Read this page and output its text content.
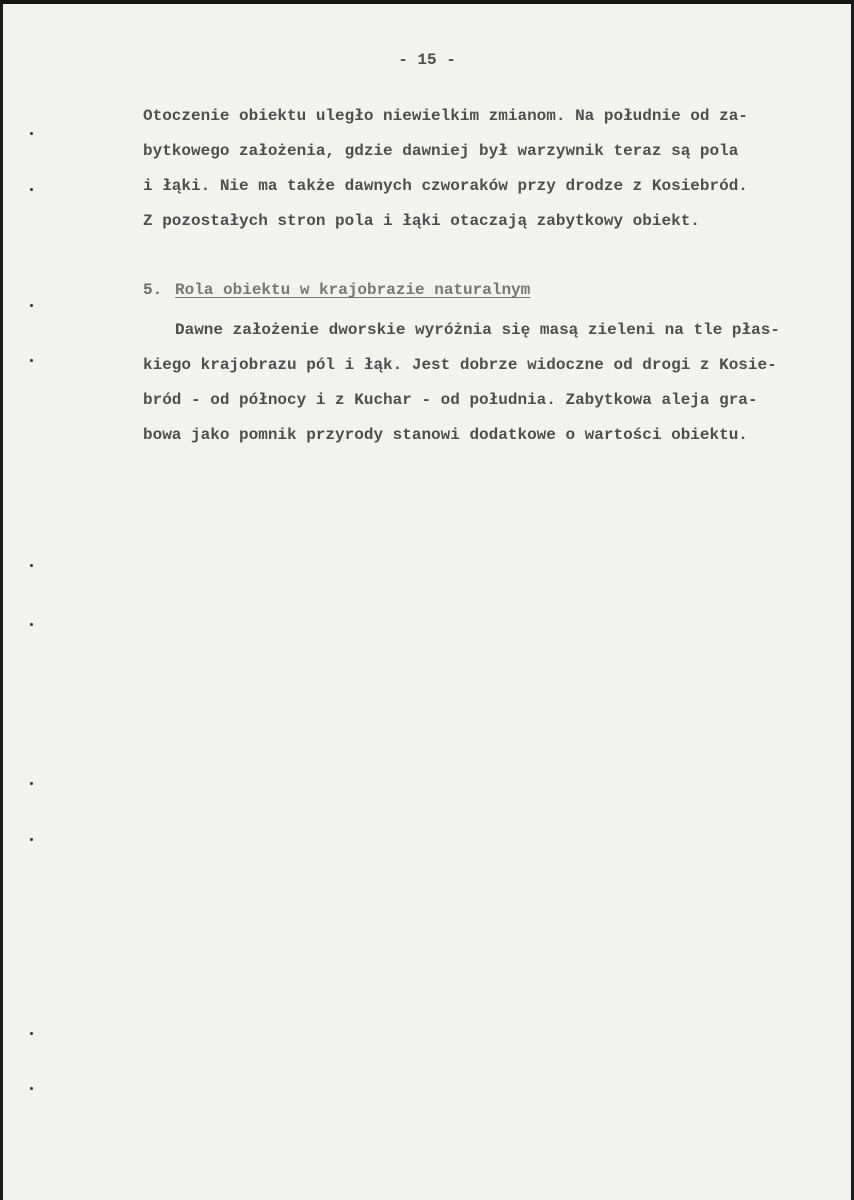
- 15 -
Otoczenie obiektu uległo niewielkim zmianom. Na południe od za-
bytkowego założenia, gdzie dawniej był warzywnik teraz są pola
i łąki. Nie ma także dawnych czworaków przy drodze z Kosiebród.
Z pozostałych stron pola i łąki otaczają zabytkowy obiekt.
5. Rola obiektu w krajobrazie naturalnym
Dawne założenie dworskie wyróżnia się masą zieleni na tle płas-
kiego krajobrazu pól i łąk. Jest dobrze widoczne od drogi z Kosie-
bród - od północy i z Kuchar - od południa. Zabytkowa aleja gra-
bowa jako pomnik przyrody stanowi dodatkowe o wartości obiektu.
